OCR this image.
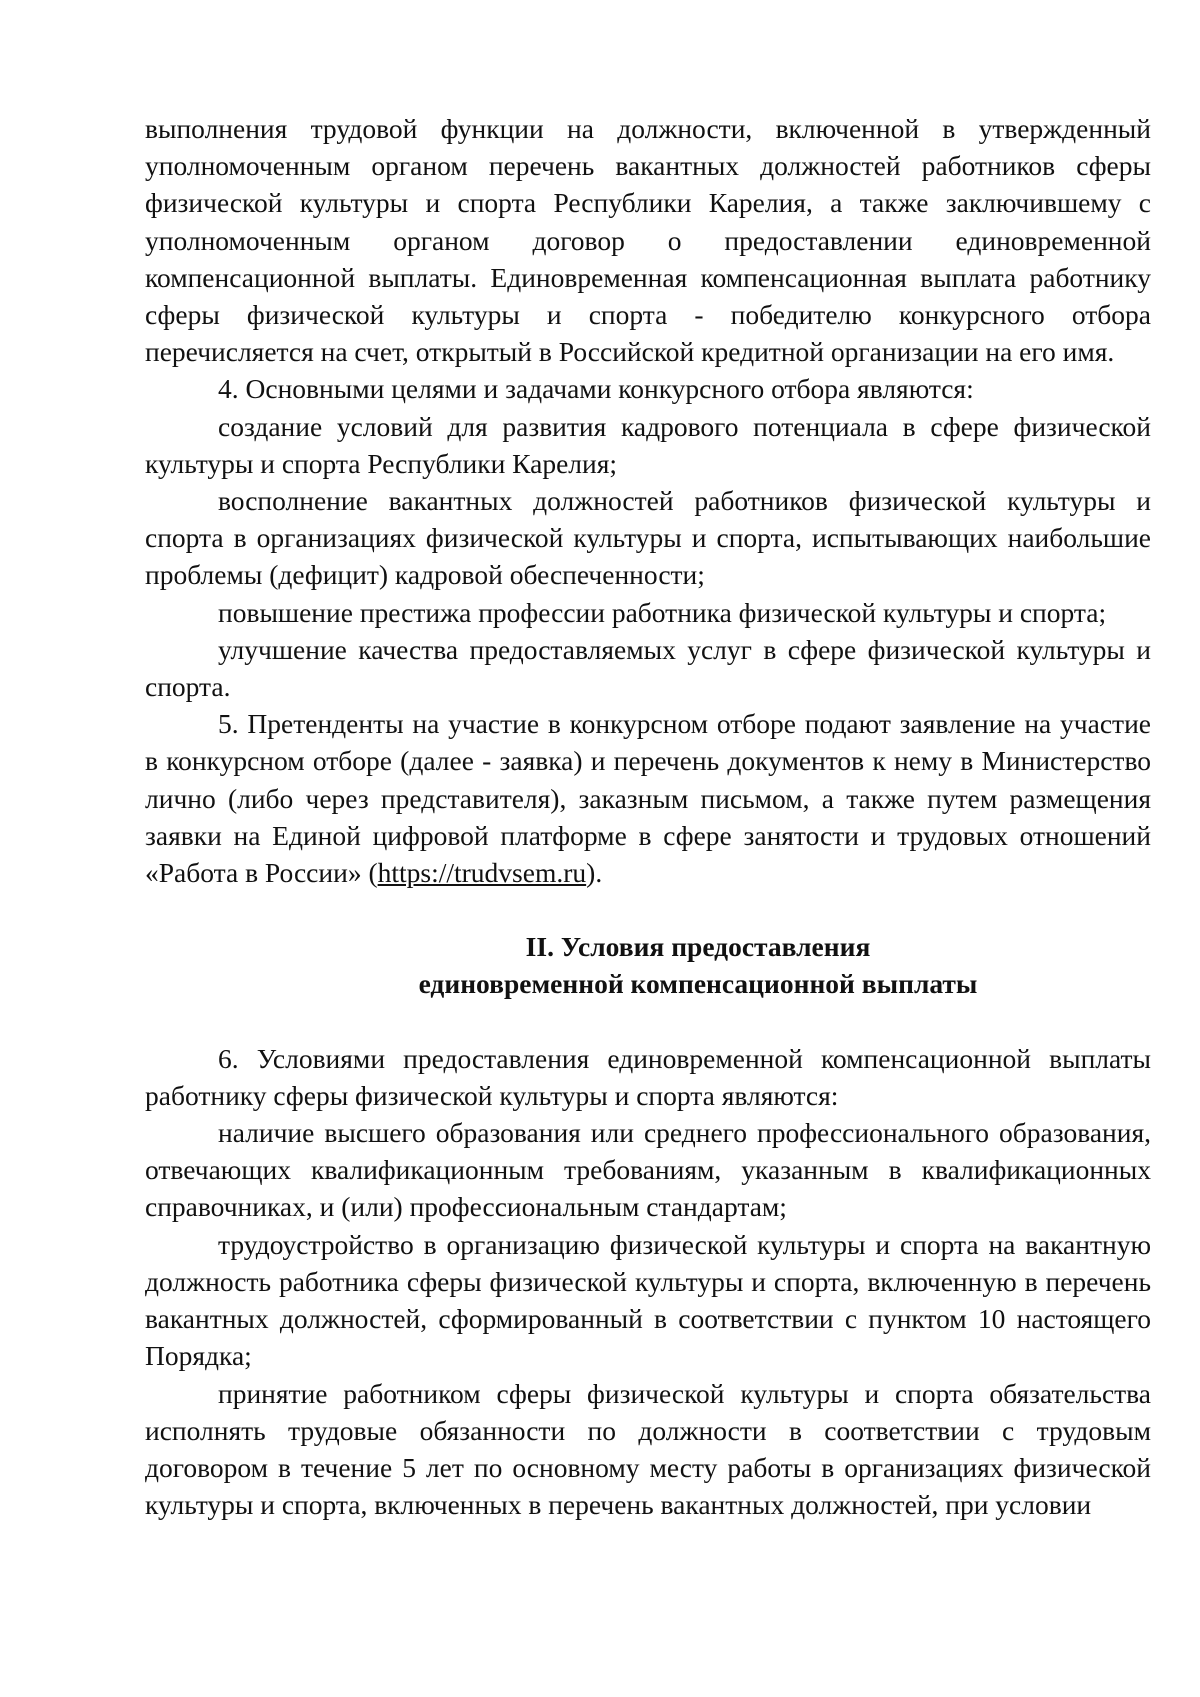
выполнения трудовой функции на должности, включенной в утвержденный уполномоченным органом перечень вакантных должностей работников сферы физической культуры и спорта Республики Карелия, а также заключившему с уполномоченным органом договор о предоставлении единовременной компенсационной выплаты. Единовременная компенсационная выплата работнику сферы физической культуры и спорта - победителю конкурсного отбора перечисляется на счет, открытый в Российской кредитной организации на его имя.

4. Основными целями и задачами конкурсного отбора являются:

создание условий для развития кадрового потенциала в сфере физической культуры и спорта Республики Карелия;

восполнение вакантных должностей работников физической культуры и спорта в организациях физической культуры и спорта, испытывающих наибольшие проблемы (дефицит) кадровой обеспеченности;

повышение престижа профессии работника физической культуры и спорта;

улучшение качества предоставляемых услуг в сфере физической культуры и спорта.

5. Претенденты на участие в конкурсном отборе подают заявление на участие в конкурсном отборе (далее - заявка) и перечень документов к нему в Министерство лично (либо через представителя), заказным письмом, а также путем размещения заявки на Единой цифровой платформе в сфере занятости и трудовых отношений «Работа в России» (https://trudvsem.ru).

II. Условия предоставления

единовременной компенсационной выплаты

6. Условиями предоставления единовременной компенсационной выплаты работнику сферы физической культуры и спорта являются:

наличие высшего образования или среднего профессионального образования, отвечающих квалификационным требованиям, указанным в квалификационных справочниках, и (или) профессиональным стандартам;

трудоустройство в организацию физической культуры и спорта на вакантную должность работника сферы физической культуры и спорта, включенную в перечень вакантных должностей, сформированный в соответствии с пунктом 10 настоящего Порядка;

принятие работником сферы физической культуры и спорта обязательства исполнять трудовые обязанности по должности в соответствии с трудовым договором в течение 5 лет по основному месту работы в организациях физической культуры и спорта, включенных в перечень вакантных должностей, при условии
